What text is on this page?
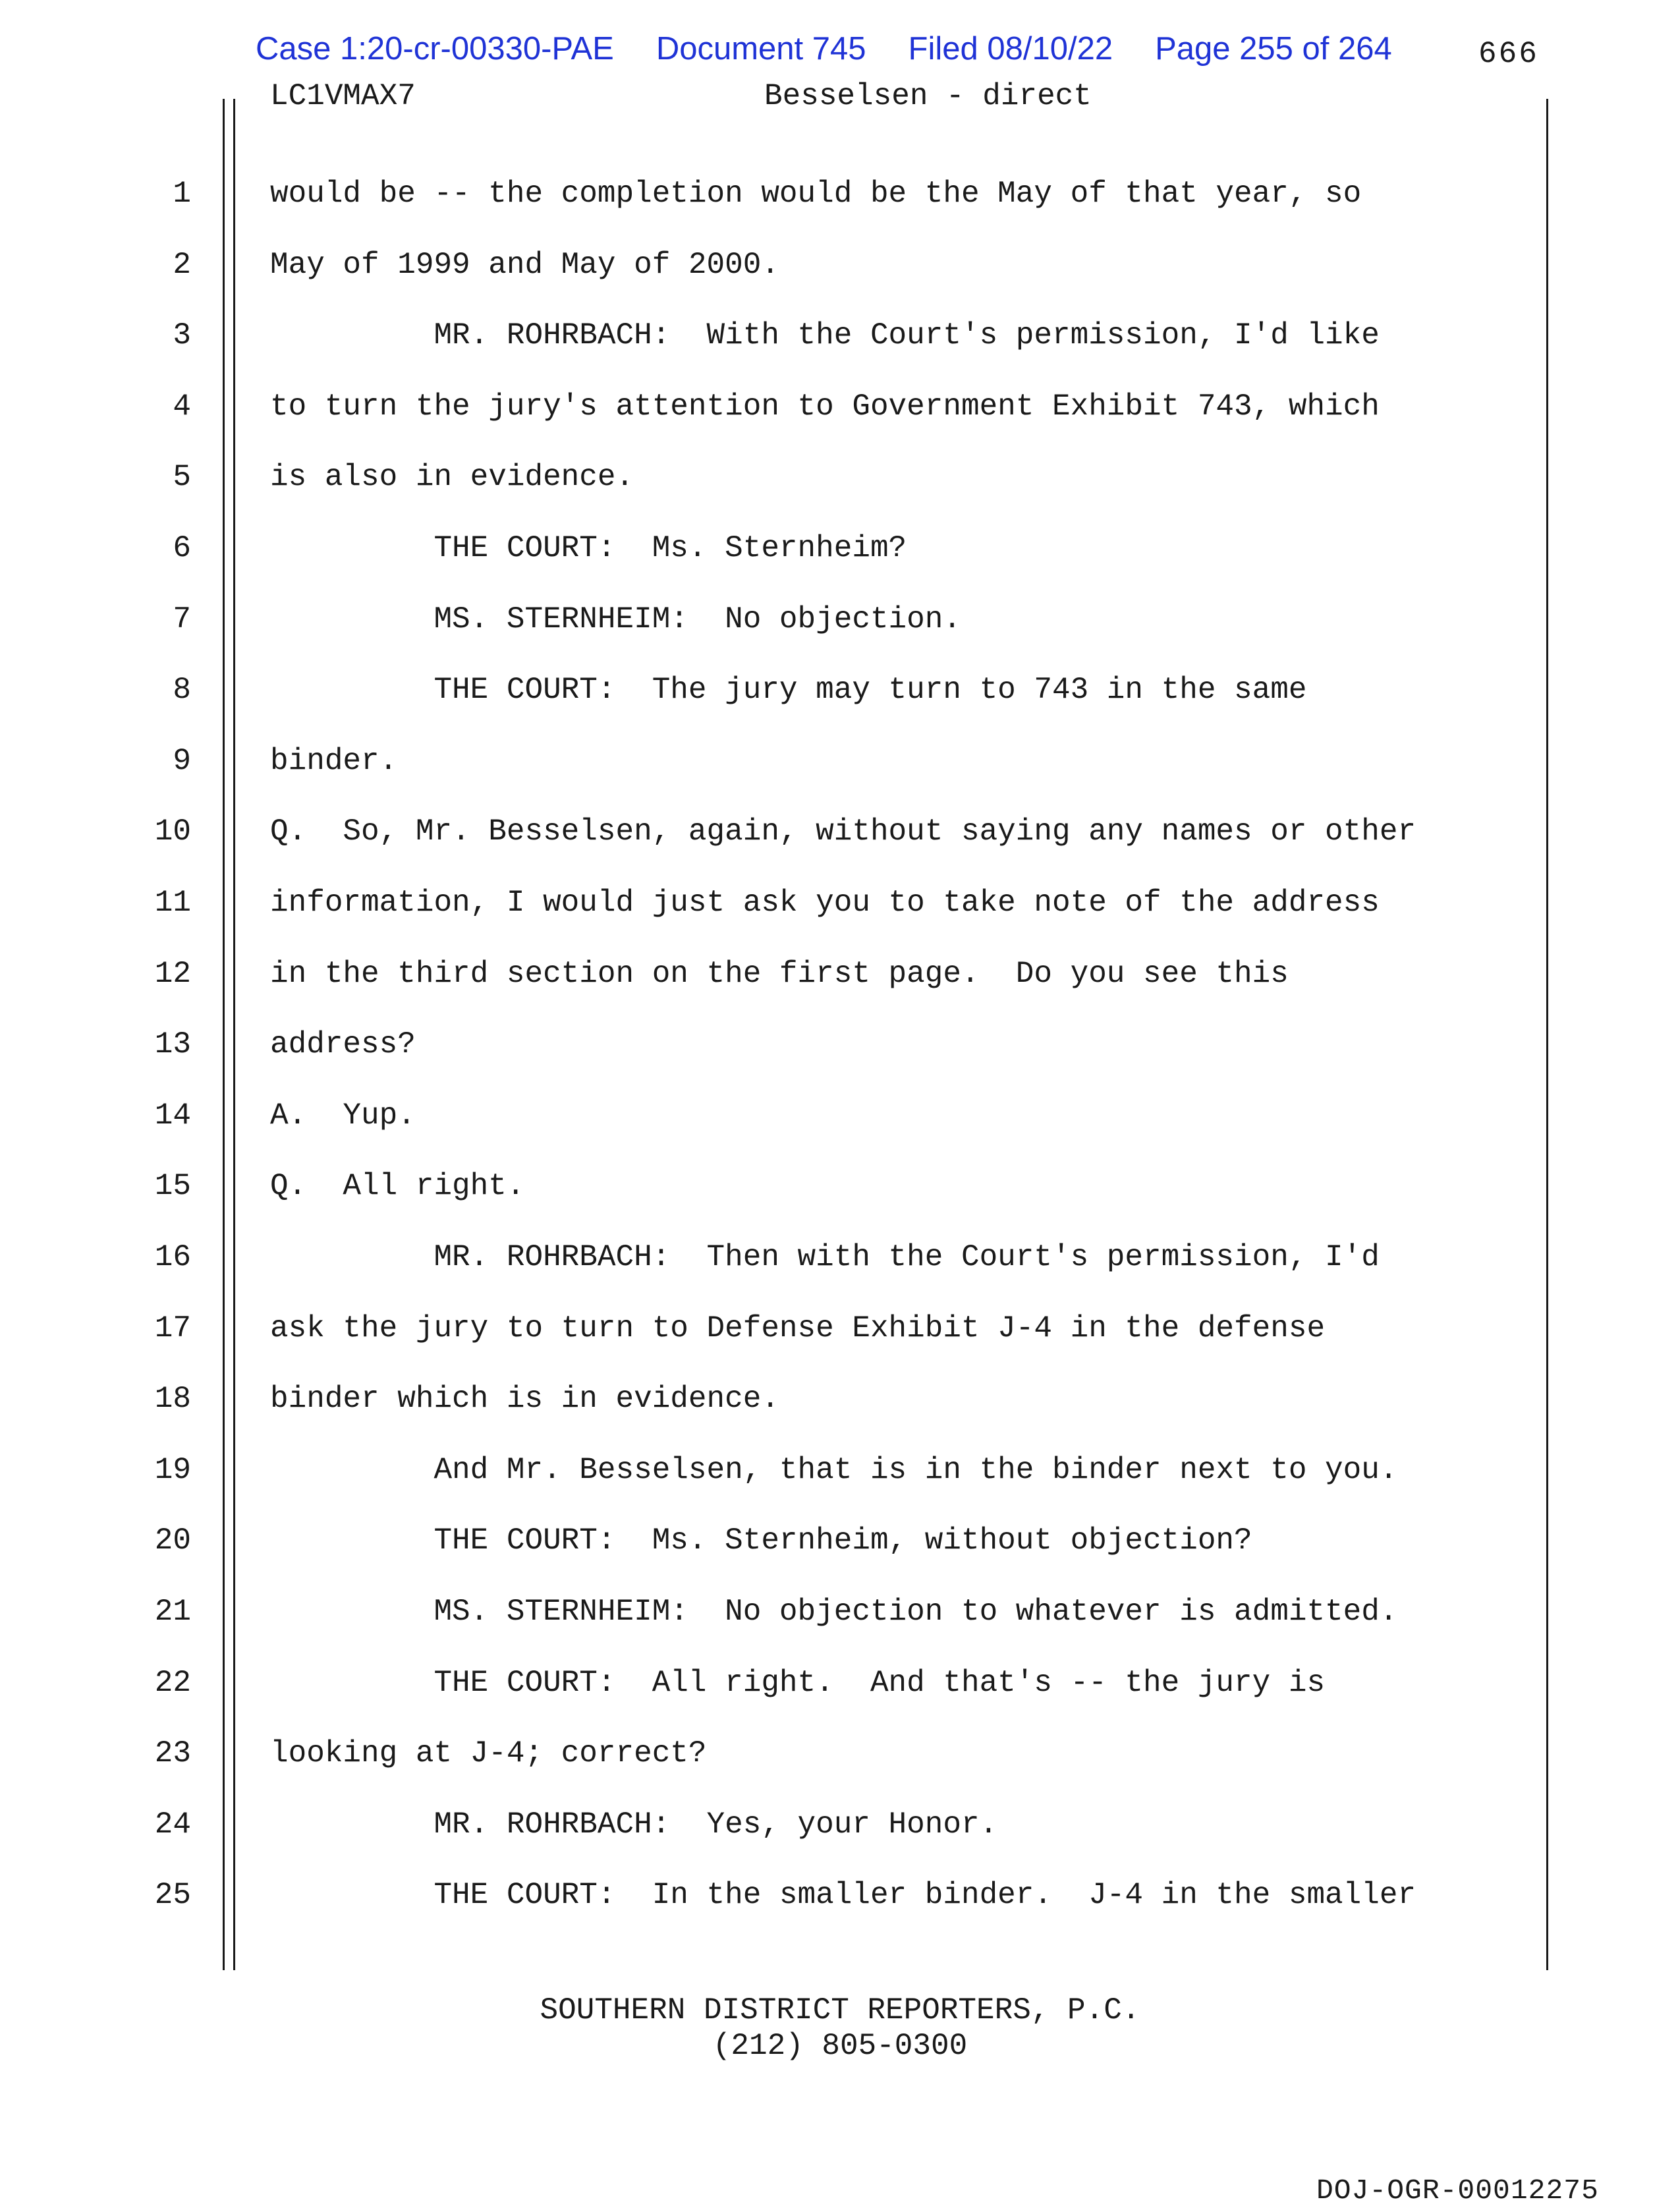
Case 1:20-cr-00330-PAE Document 745 Filed 08/10/22 Page 255 of 264	666
LC1VMAX7	Besselsen - direct
1	would be -- the completion would be the May of that year, so
2	May of 1999 and May of 2000.
3	MR. ROHRBACH:  With the Court's permission, I'd like
4	to turn the jury's attention to Government Exhibit 743, which
5	is also in evidence.
6	THE COURT:  Ms. Sternheim?
7	MS. STERNHEIM:  No objection.
8	THE COURT:  The jury may turn to 743 in the same
9	binder.
10	Q.  So, Mr. Besselsen, again, without saying any names or other
11	information, I would just ask you to take note of the address
12	in the third section on the first page.  Do you see this
13	address?
14	A.  Yup.
15	Q.  All right.
16	MR. ROHRBACH:  Then with the Court's permission, I'd
17	ask the jury to turn to Defense Exhibit J-4 in the defense
18	binder which is in evidence.
19	And Mr. Besselsen, that is in the binder next to you.
20	THE COURT:  Ms. Sternheim, without objection?
21	MS. STERNHEIM:  No objection to whatever is admitted.
22	THE COURT:  All right.  And that's -- the jury is
23	looking at J-4; correct?
24	MR. ROHRBACH:  Yes, your Honor.
25	THE COURT:  In the smaller binder.  J-4 in the smaller
SOUTHERN DISTRICT REPORTERS, P.C.
(212) 805-0300
DOJ-OGR-00012275
